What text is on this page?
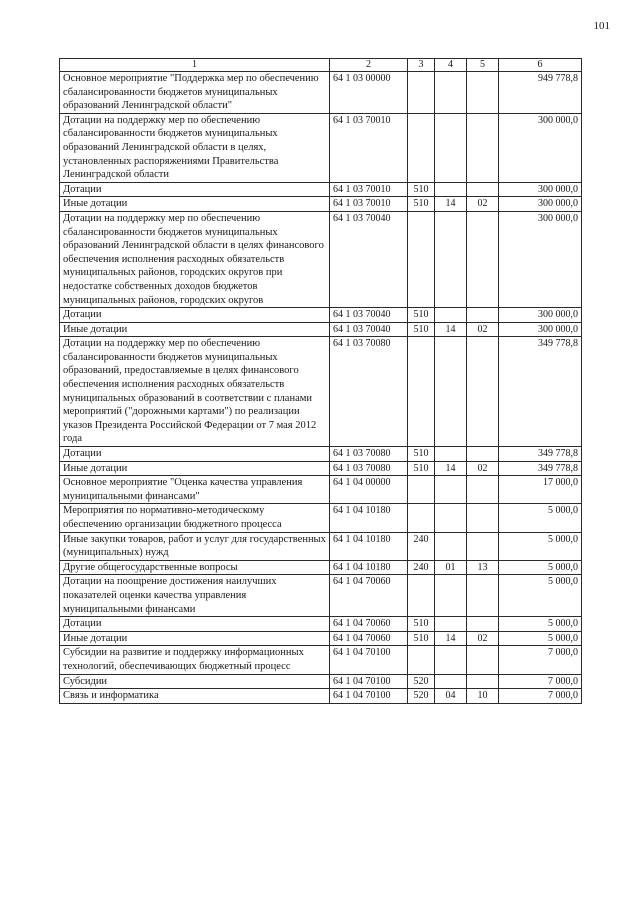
101
1	2	3	4	5	6
Основное мероприятие "Поддержка мер по обеспечению сбалансированности бюджетов муниципальных образований Ленинградской области"	64 1 03 00000				949 778,8
Дотации на поддержку мер по обеспечению сбалансированности бюджетов муниципальных образований Ленинградской области в целях, установленных распоряжениями Правительства Ленинградской области	64 1 03 70010				300 000,0
Дотации	64 1 03 70010	510			300 000,0
Иные дотации	64 1 03 70010	510	14	02	300 000,0
Дотации на поддержку мер по обеспечению сбалансированности бюджетов муниципальных образований Ленинградской области в целях финансового обеспечения исполнения расходных обязательств муниципальных районов, городских округов при недостатке собственных доходов бюджетов муниципальных районов, городских округов	64 1 03 70040				300 000,0
Дотации	64 1 03 70040	510			300 000,0
Иные дотации	64 1 03 70040	510	14	02	300 000,0
Дотации на поддержку мер по обеспечению сбалансированности бюджетов муниципальных образований, предоставляемые в целях финансового обеспечения исполнения расходных обязательств муниципальных образований в соответствии с планами мероприятий ("дорожными картами") по реализации указов Президента Российской Федерации от 7 мая 2012 года	64 1 03 70080				349 778,8
Дотации	64 1 03 70080	510			349 778,8
Иные дотации	64 1 03 70080	510	14	02	349 778,8
Основное мероприятие "Оценка качества управления муниципальными финансами"	64 1 04 00000				17 000,0
Мероприятия по нормативно-методическому обеспечению организации бюджетного процесса	64 1 04 10180				5 000,0
Иные закупки товаров, работ и услуг для государственных (муниципальных) нужд	64 1 04 10180	240			5 000,0
Другие общегосударственные вопросы	64 1 04 10180	240	01	13	5 000,0
Дотации на поощрение достижения наилучших показателей оценки качества управления муниципальными финансами	64 1 04 70060				5 000,0
Дотации	64 1 04 70060	510			5 000,0
Иные дотации	64 1 04 70060	510	14	02	5 000,0
Субсидии на развитие и поддержку информационных технологий, обеспечивающих бюджетный процесс	64 1 04 70100				7 000,0
Субсидии	64 1 04 70100	520			7 000,0
Связь и информатика	64 1 04 70100	520	04	10	7 000,0
